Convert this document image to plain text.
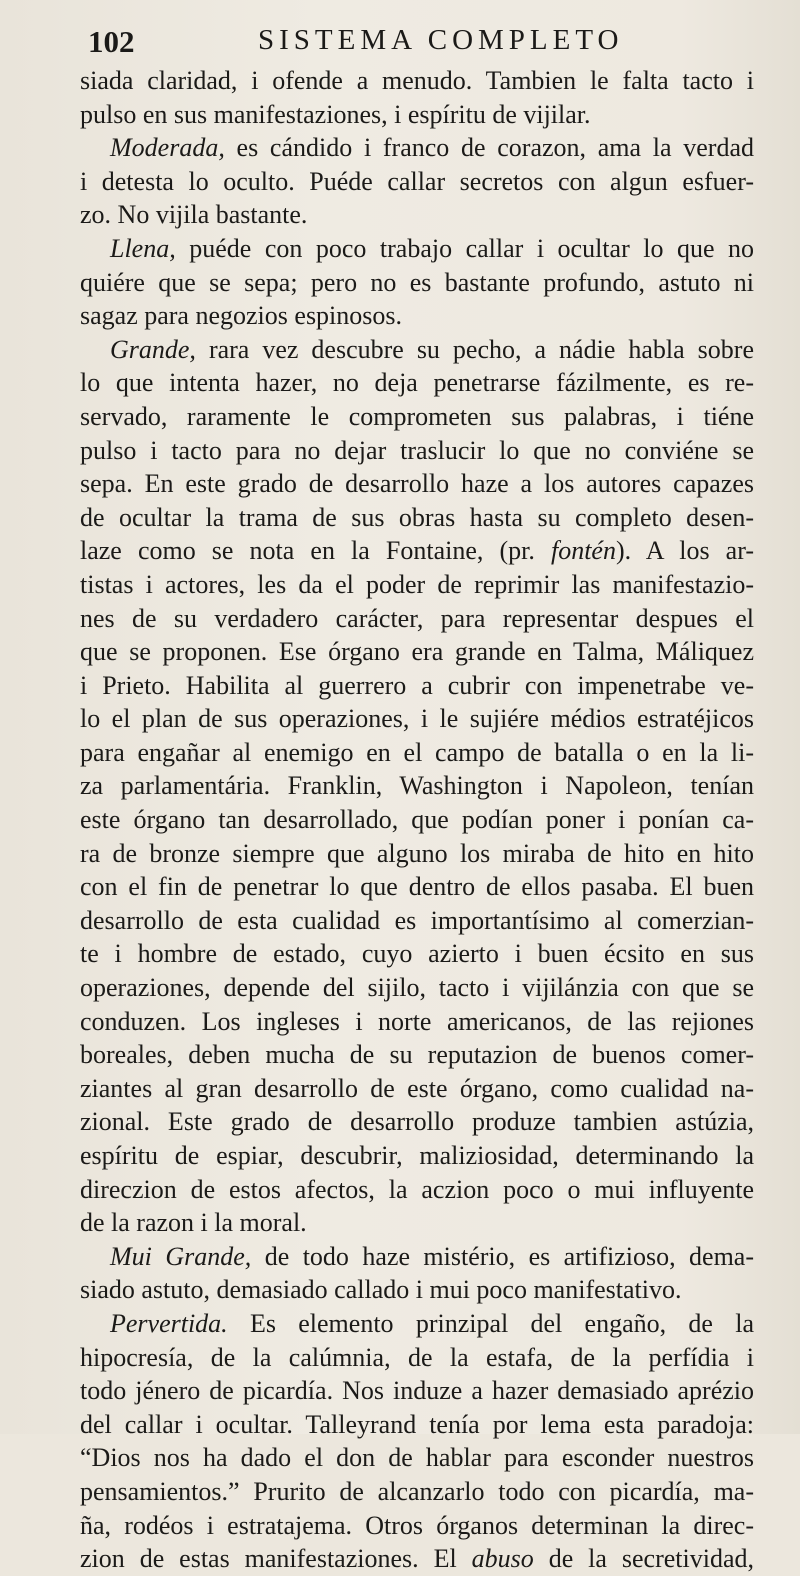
102	SISTEMA COMPLETO
siada claridad, i ofende a menudo. Tambien le falta tacto i
pulso en sus manifestaziones, i espíritu de vijilar.
Moderada, es cándido i franco de corazon, ama la verdad
i detesta lo oculto. Puéde callar secretos con algun esfuer-
zo. No vijila bastante.
Llena, puéde con poco trabajo callar i ocultar lo que no
quiére que se sepa; pero no es bastante profundo, astuto ni
sagaz para negozios espinosos.
Grande, rara vez descubre su pecho, a nádie habla sobre
lo que intenta hazer, no deja penetrarse fázilmente, es re-
servado, raramente le comprometen sus palabras, i tiéne
pulso i tacto para no dejar traslucir lo que no conviéne se
sepa. En este grado de desarrollo haze a los autores capazes
de ocultar la trama de sus obras hasta su completo desen-
laze como se nota en la Fontaine, (pr. fontén). A los ar-
tistas i actores, les da el poder de reprimir las manifestazio-
nes de su verdadero carácter, para representar despues el
que se proponen. Ese órgano era grande en Talma, Máliquez
i Prieto. Habilita al guerrero a cubrir con impenetrabe ve-
lo el plan de sus operaziones, i le sujiére médios estratéjicos
para engañar al enemigo en el campo de batalla o en la li-
za parlamentária. Franklin, Washington i Napoleon, tenían
este órgano tan desarrollado, que podían poner i ponían ca-
ra de bronze siempre que alguno los miraba de hito en hito
con el fin de penetrar lo que dentro de ellos pasaba. El buen
desarrollo de esta cualidad es importantísimo al comerzian-
te i hombre de estado, cuyo azierto i buen écsito en sus
operaziones, depende del sijilo, tacto i vijilánzia con que se
conduzen. Los ingleses i norte americanos, de las rejiones
boreales, deben mucha de su reputazion de buenos comer-
ziantes al gran desarrollo de este órgano, como cualidad na-
zional. Este grado de desarrollo produze tambien astúzia,
espíritu de espiar, descubrir, maliziosidad, determinando la
direczion de estos afectos, la aczion poco o mui influyente
de la razon i la moral.
Mui Grande, de todo haze mistério, es artifizioso, dema-
siado astuto, demasiado callado i mui poco manifestativo.
Pervertida. Es elemento prinzipal del engaño, de la
hipocresía, de la calúmnia, de la estafa, de la perfídia i
todo jénero de picardía. Nos induze a hazer demasiado aprézio
del callar i ocultar. Talleyrand tenía por lema esta paradoja:
“Dios nos ha dado el don de hablar para esconder nuestros
pensamientos.” Prurito de alcanzarlo todo con picardía, ma-
ña, rodéos i estratajema. Otros órganos determinan la direc-
zion de estas manifestaziones. El abuso de la secretividad,
